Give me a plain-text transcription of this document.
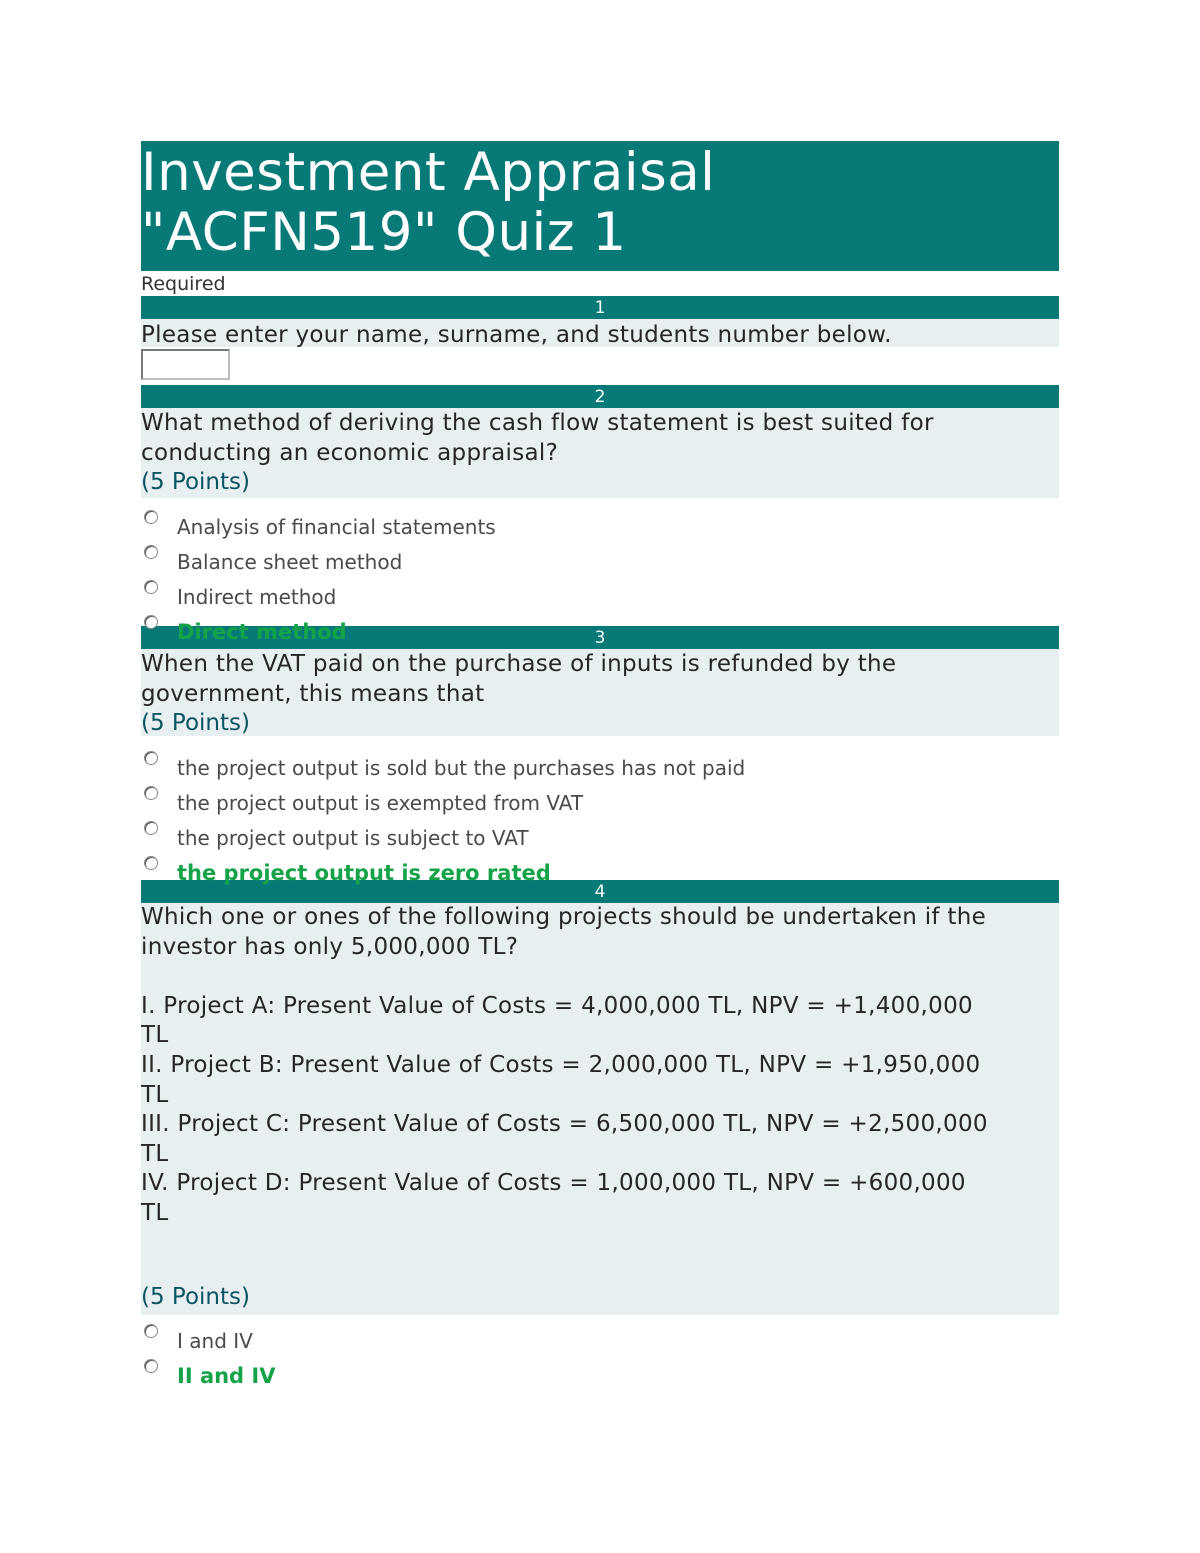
Investment Appraisal
"ACFN519" Quiz 1
Required
1
Please enter your name, surname, and students number below.
2
What method of deriving the cash flow statement is best suited for
conducting an economic appraisal?
(5 Points)
Analysis of financial statements
Balance sheet method
Indirect method
Direct method	3
When the VAT paid on the purchase of inputs is refunded by the
government, this means that
(5 Points)
the project output is sold but the purchases has not paid
the project output is exempted from VAT
the project output is subject to VAT
the project output is zero rated
4
Which one or ones of the following projects should be undertaken if the
investor has only 5,000,000 TL?
I. Project A: Present Value of Costs = 4,000,000 TL, NPV = +1,400,000
TL
II. Project B: Present Value of Costs = 2,000,000 TL, NPV = +1,950,000
TL
III. Project C: Present Value of Costs = 6,500,000 TL, NPV = +2,500,000
TL
IV. Project D: Present Value of Costs = 1,000,000 TL, NPV = +600,000
TL
(5 Points)
I and IV
II and IV
